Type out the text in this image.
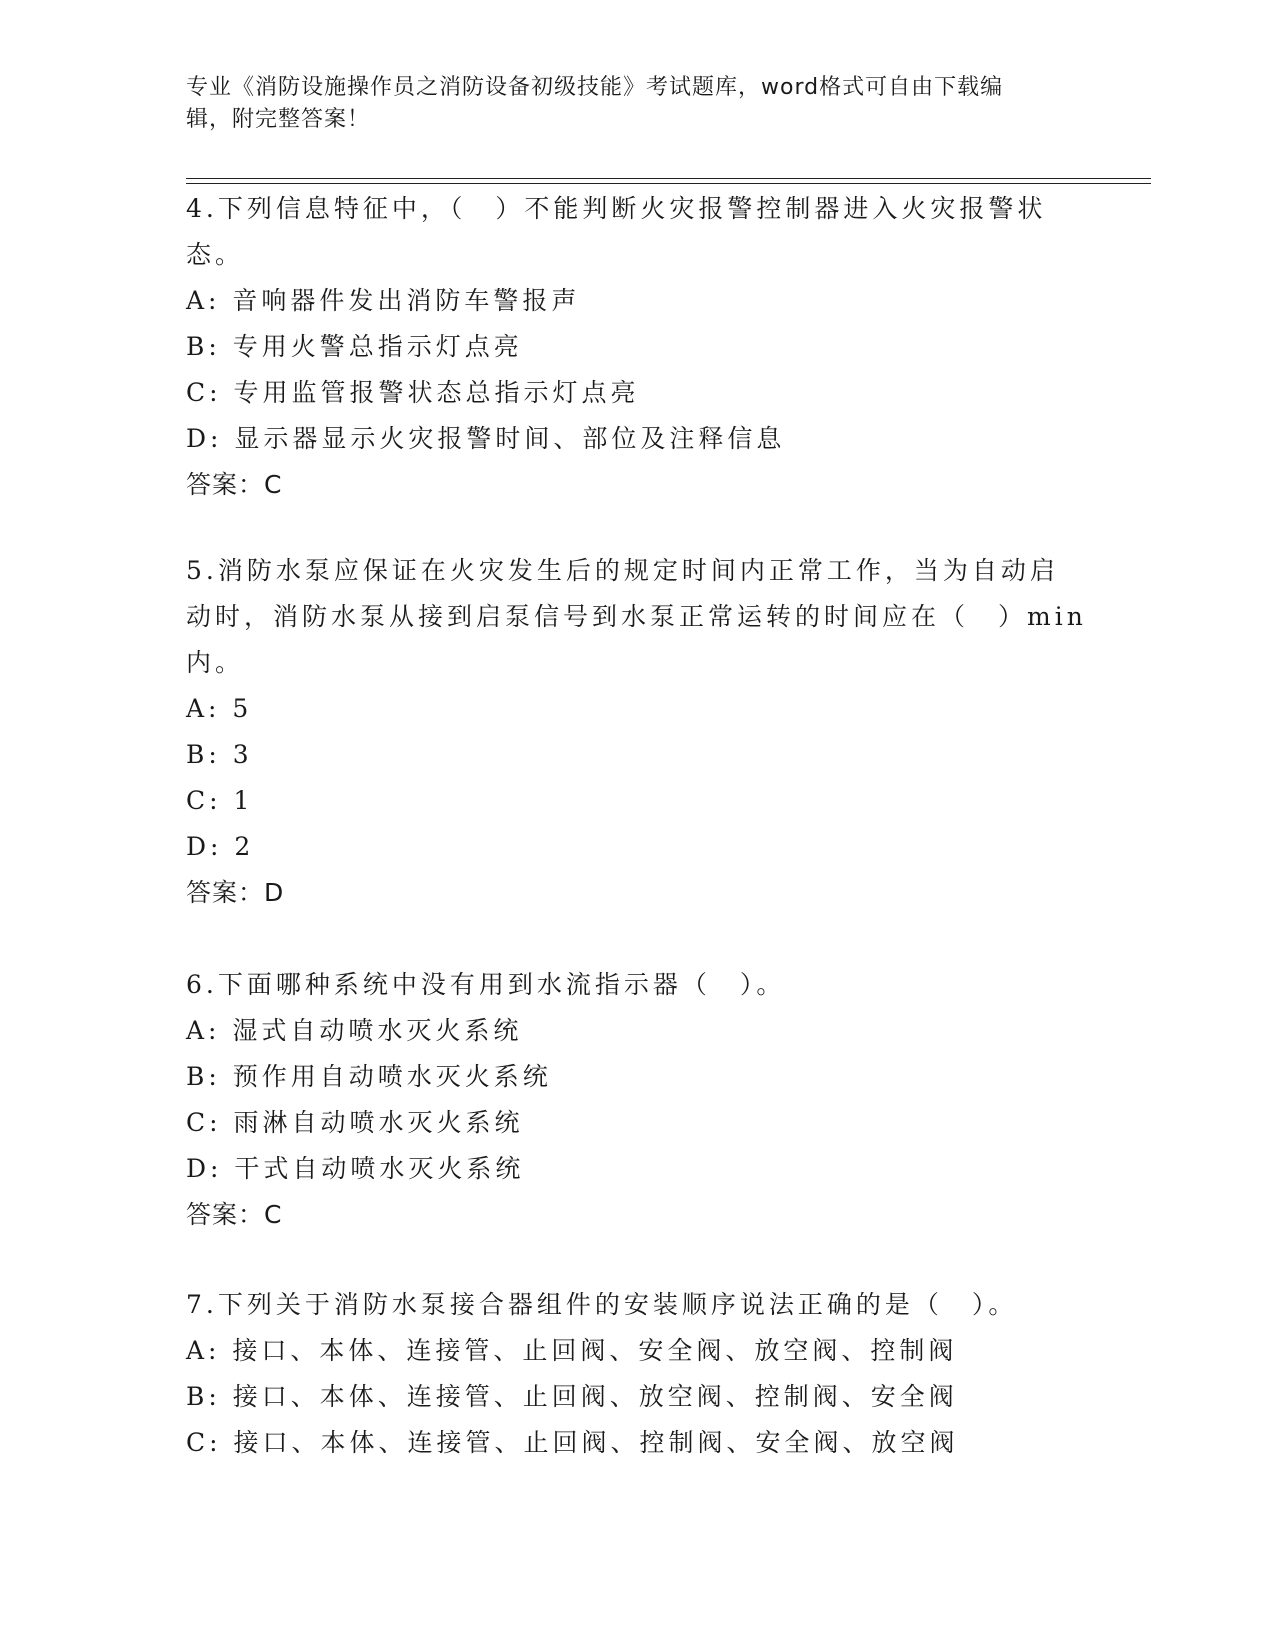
专业《消防设施操作员之消防设备初级技能》考试题库，word格式可自由下载编
辑，附完整答案！
4.下列信息特征中，（　）不能判断火灾报警控制器进入火灾报警状
态。
A: 音响器件发出消防车警报声
B: 专用火警总指示灯点亮
C: 专用监管报警状态总指示灯点亮
D: 显示器显示火灾报警时间、部位及注释信息
答案：C
5.消防水泵应保证在火灾发生后的规定时间内正常工作，当为自动启
动时，消防水泵从接到启泵信号到水泵正常运转的时间应在（　）min
内。
A: 5
B: 3
C: 1
D: 2
答案：D
6.下面哪种系统中没有用到水流指示器（　）。
A: 湿式自动喷水灭火系统
B: 预作用自动喷水灭火系统
C: 雨淋自动喷水灭火系统
D: 干式自动喷水灭火系统
答案：C
7.下列关于消防水泵接合器组件的安装顺序说法正确的是（　）。
A: 接口、本体、连接管、止回阀、安全阀、放空阀、控制阀
B: 接口、本体、连接管、止回阀、放空阀、控制阀、安全阀
C: 接口、本体、连接管、止回阀、控制阀、安全阀、放空阀
